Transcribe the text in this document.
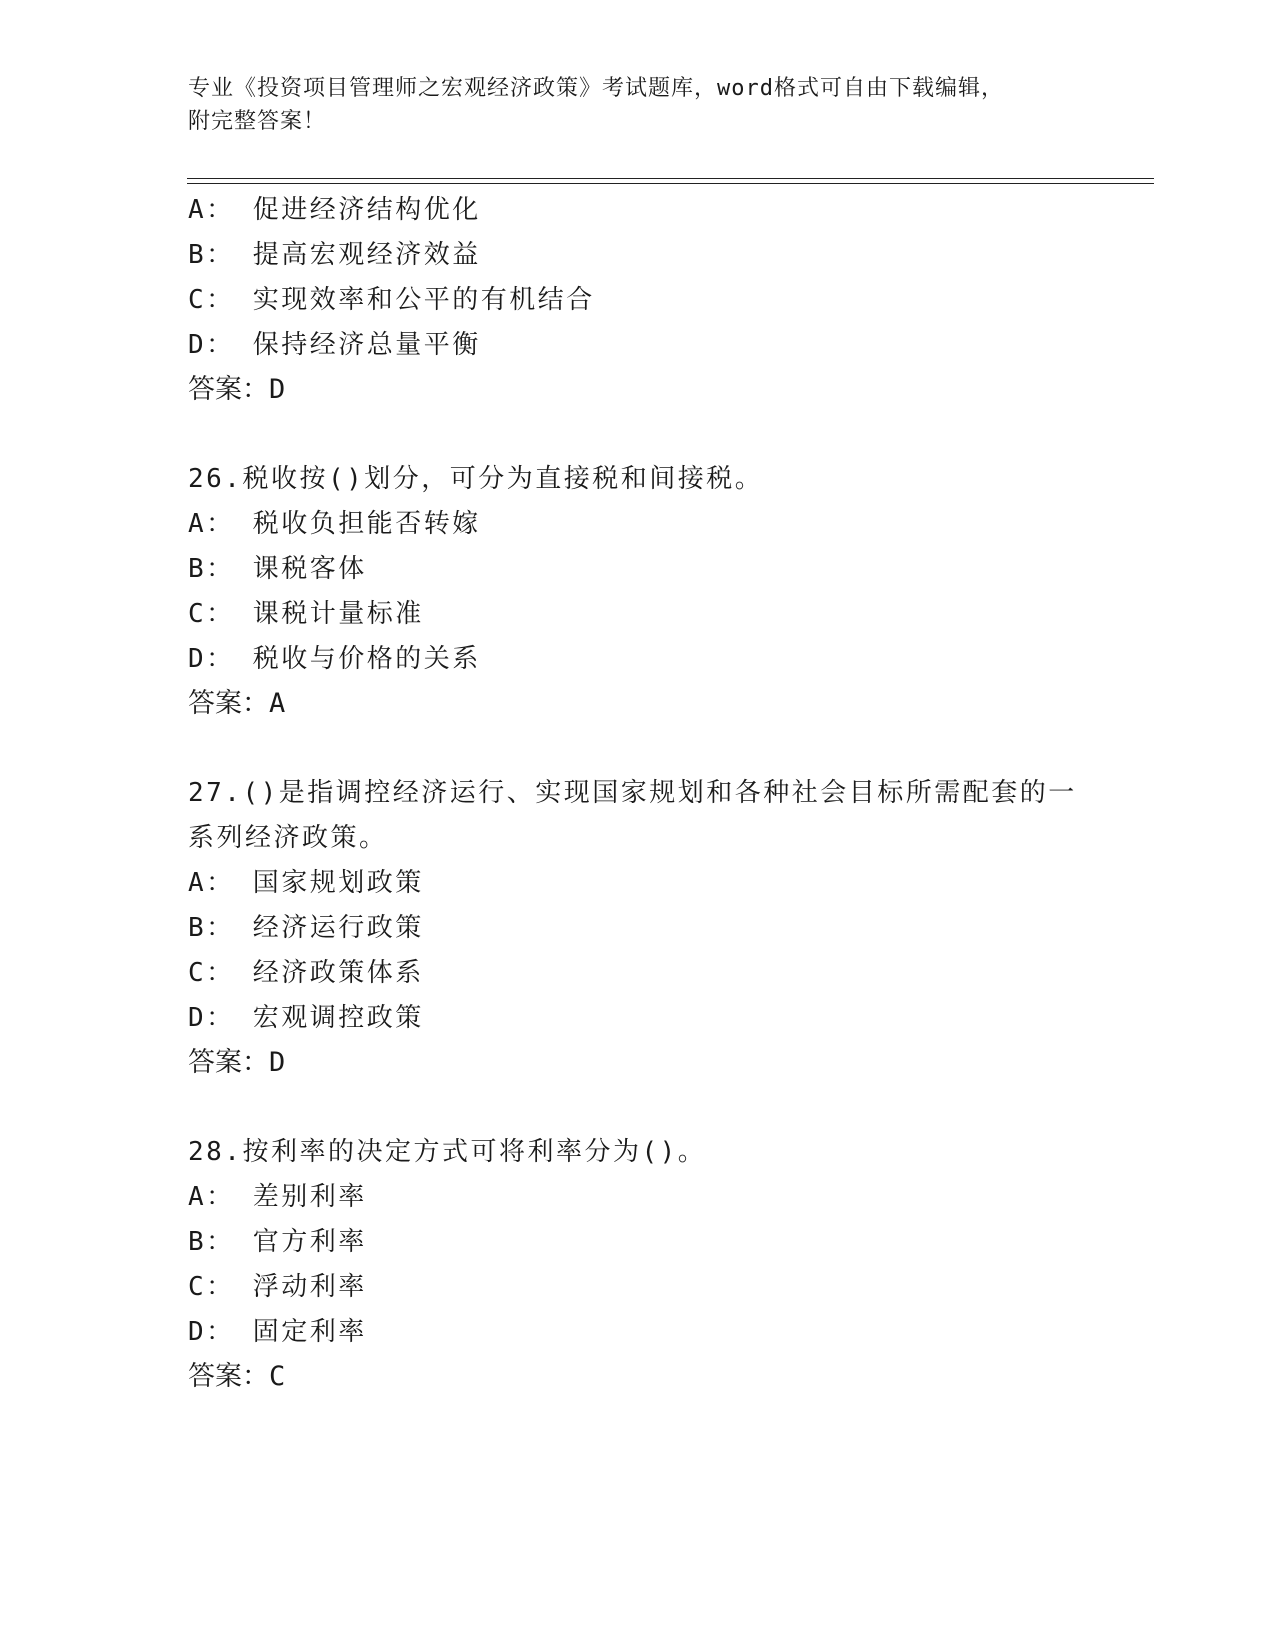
专业《投资项目管理师之宏观经济政策》考试题库，word格式可自由下载编辑，
附完整答案！
A： 促进经济结构优化
B： 提高宏观经济效益
C： 实现效率和公平的有机结合
D： 保持经济总量平衡
答案：D
26.税收按()划分，可分为直接税和间接税。
A： 税收负担能否转嫁
B： 课税客体
C： 课税计量标准
D： 税收与价格的关系
答案：A
27.()是指调控经济运行、实现国家规划和各种社会目标所需配套的一
系列经济政策。
A： 国家规划政策
B： 经济运行政策
C： 经济政策体系
D： 宏观调控政策
答案：D
28.按利率的决定方式可将利率分为()。
A： 差别利率
B： 官方利率
C： 浮动利率
D： 固定利率
答案：C
